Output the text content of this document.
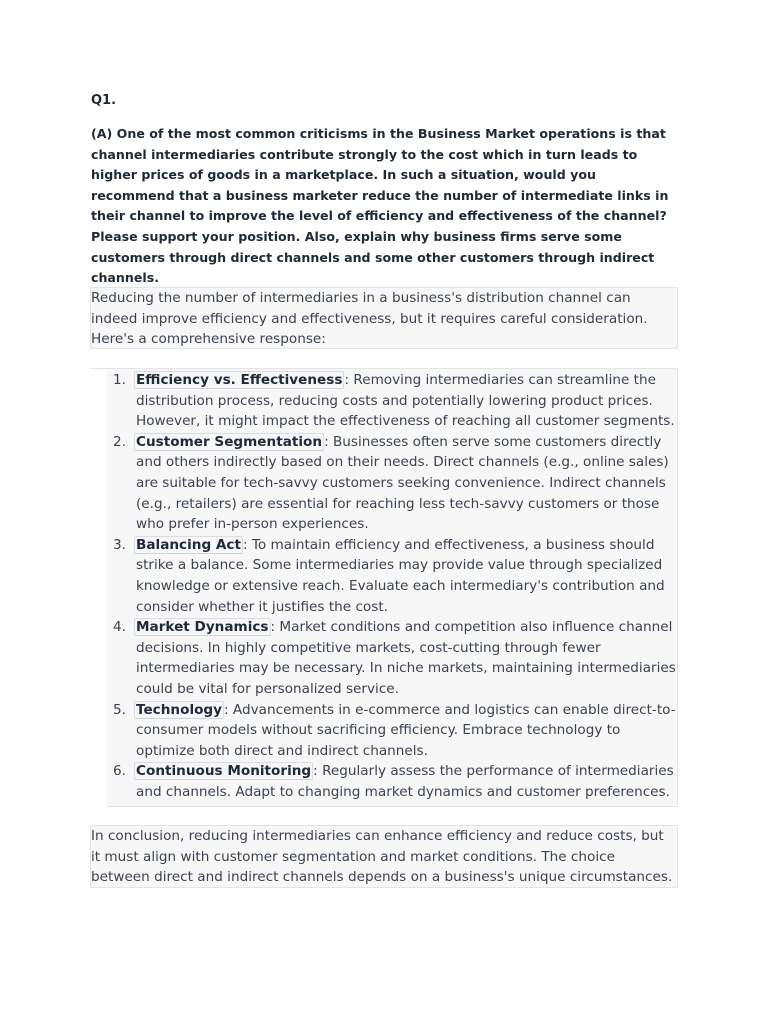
Q1.

(A) One of the most common criticisms in the Business Market operations is that channel intermediaries contribute strongly to the cost which in turn leads to higher prices of goods in a marketplace. In such a situation, would you recommend that a business marketer reduce the number of intermediate links in their channel to improve the level of efficiency and effectiveness of the channel? Please support your position. Also, explain why business firms serve some customers through direct channels and some other customers through indirect channels.

Reducing the number of intermediaries in a business's distribution channel can indeed improve efficiency and effectiveness, but it requires careful consideration. Here's a comprehensive response:
1. Efficiency vs. Effectiveness : Removing intermediaries can streamline the distribution process, reducing costs and potentially lowering product prices. However, it might impact the effectiveness of reaching all customer segments.
2. Customer Segmentation : Businesses often serve some customers directly and others indirectly based on their needs. Direct channels (e.g., online sales) are suitable for tech-savvy customers seeking convenience. Indirect channels (e.g., retailers) are essential for reaching less tech-savvy customers or those who prefer in-person experiences.
3. Balancing Act : To maintain efficiency and effectiveness, a business should strike a balance. Some intermediaries may provide value through specialized knowledge or extensive reach. Evaluate each intermediary's contribution and consider whether it justifies the cost.
4. Market Dynamics : Market conditions and competition also influence channel decisions. In highly competitive markets, cost-cutting through fewer intermediaries may be necessary. In niche markets, maintaining intermediaries could be vital for personalized service.
5. Technology : Advancements in e-commerce and logistics can enable direct-to-consumer models without sacrificing efficiency. Embrace technology to optimize both direct and indirect channels.
6. Continuous Monitoring : Regularly assess the performance of intermediaries and channels. Adapt to changing market dynamics and customer preferences.
In conclusion, reducing intermediaries can enhance efficiency and reduce costs, but it must align with customer segmentation and market conditions. The choice between direct and indirect channels depends on a business's unique circumstances.
